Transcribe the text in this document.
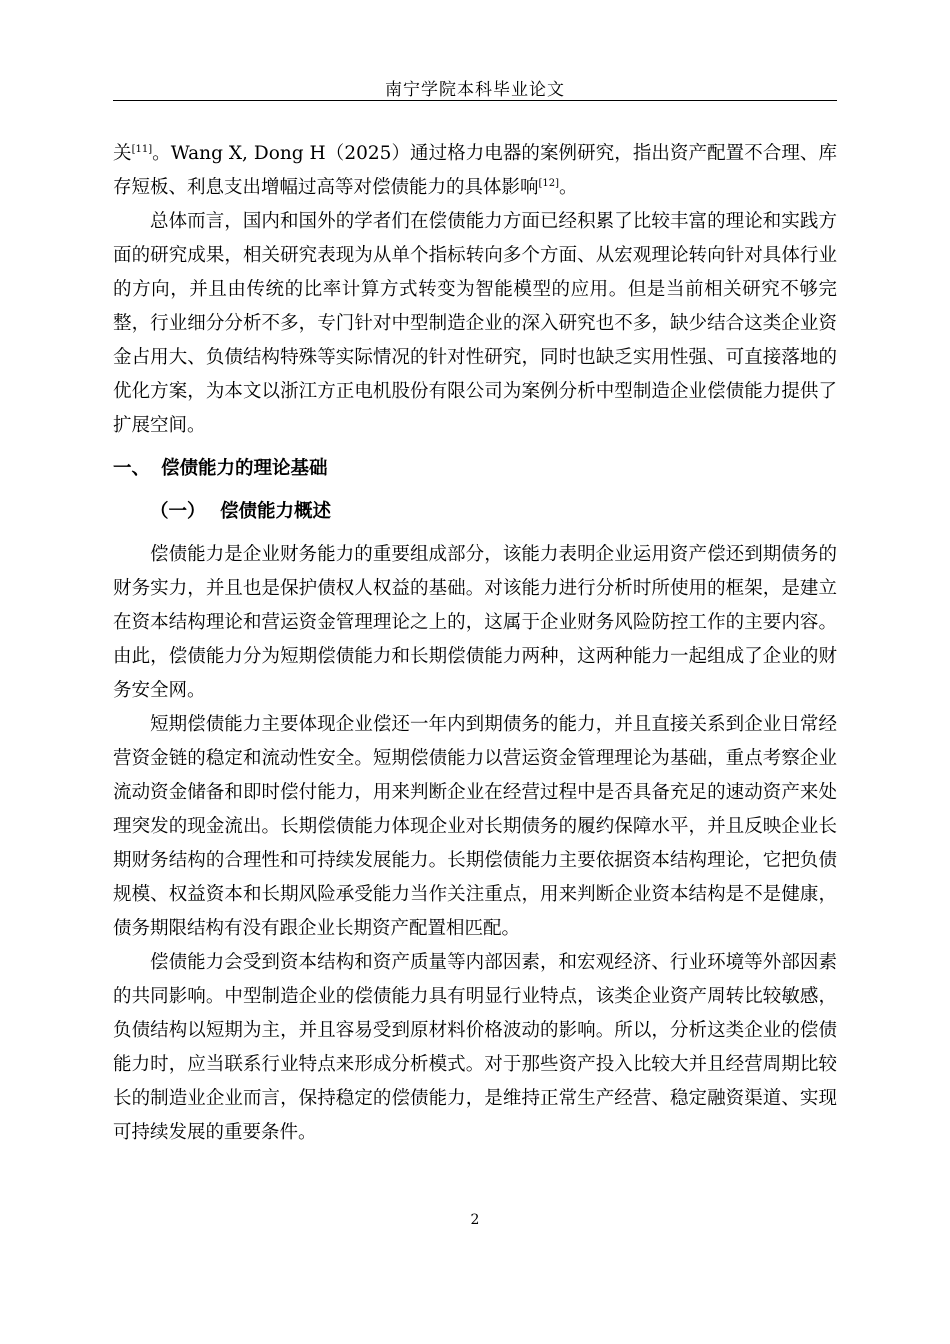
南宁学院本科毕业论文

关[11]。Wang X, Dong H（2025）通过格力电器的案例研究，指出资产配置不合理、库存短板、利息支出增幅过高等对偿债能力的具体影响[12]。

总体而言，国内和国外的学者们在偿债能力方面已经积累了比较丰富的理论和实践方面的研究成果，相关研究表现为从单个指标转向多个方面、从宏观理论转向针对具体行业的方向，并且由传统的比率计算方式转变为智能模型的应用。但是当前相关研究不够完整，行业细分分析不多，专门针对中型制造企业的深入研究也不多，缺少结合这类企业资金占用大、负债结构特殊等实际情况的针对性研究，同时也缺乏实用性强、可直接落地的优化方案，为本文以浙江方正电机股份有限公司为案例分析中型制造企业偿债能力提供了扩展空间。

一、 偿债能力的理论基础
（一） 偿债能力概述

偿债能力是企业财务能力的重要组成部分，该能力表明企业运用资产偿还到期债务的财务实力，并且也是保护债权人权益的基础。对该能力进行分析时所使用的框架，是建立在资本结构理论和营运资金管理理论之上的，这属于企业财务风险防控工作的主要内容。由此，偿债能力分为短期偿债能力和长期偿债能力两种，这两种能力一起组成了企业的财务安全网。

短期偿债能力主要体现企业偿还一年内到期债务的能力，并且直接关系到企业日常经营资金链的稳定和流动性安全。短期偿债能力以营运资金管理理论为基础，重点考察企业流动资金储备和即时偿付能力，用来判断企业在经营过程中是否具备充足的速动资产来处理突发的现金流出。长期偿债能力体现企业对长期债务的履约保障水平，并且反映企业长期财务结构的合理性和可持续发展能力。长期偿债能力主要依据资本结构理论，它把负债规模、权益资本和长期风险承受能力当作关注重点，用来判断企业资本结构是不是健康，债务期限结构有没有跟企业长期资产配置相匹配。

偿债能力会受到资本结构和资产质量等内部因素，和宏观经济、行业环境等外部因素的共同影响。中型制造企业的偿债能力具有明显行业特点，该类企业资产周转比较敏感，负债结构以短期为主，并且容易受到原材料价格波动的影响。所以，分析这类企业的偿债能力时，应当联系行业特点来形成分析模式。对于那些资产投入比较大并且经营周期比较长的制造业企业而言，保持稳定的偿债能力，是维持正常生产经营、稳定融资渠道、实现可持续发展的重要条件。

2
